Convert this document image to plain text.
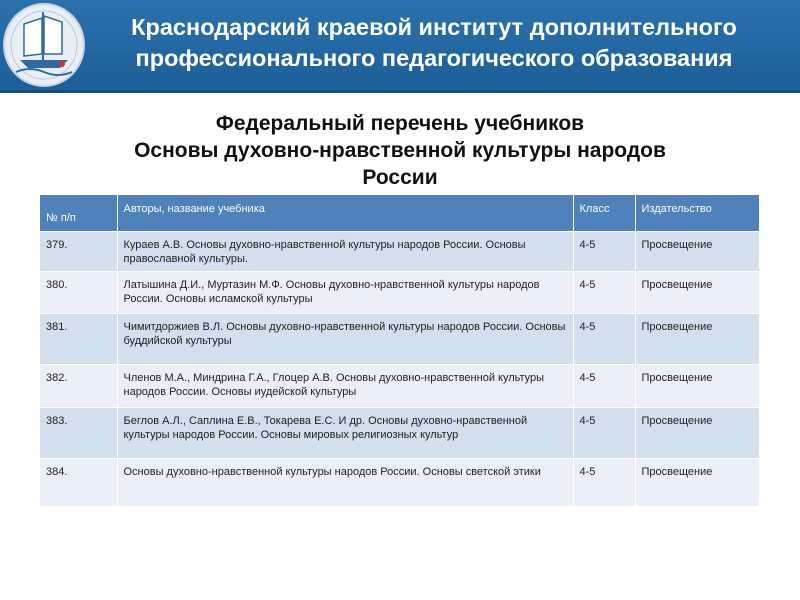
Краснодарский краевой институт дополнительного
профессионального педагогического образования
Федеральный перечень учебников
Основы духовно-нравственной культуры народов
России
№ п/п	Авторы, название учебника	Класс	Издательство
379.	Кураев А.В. Основы духовно-нравственной культуры народов России. Основы православной культуры.	4-5	Просвещение
380.	Латышина Д.И., Муртазин М.Ф. Основы духовно-нравственной культуры народов России. Основы исламской культуры	4-5	Просвещение
381.	Чимитдоржиев В.Л. Основы духовно-нравственной культуры народов России. Основы буддийской культуры	4-5	Просвещение
382.	Членов М.А., Миндрина Г.А., Глоцер А.В. Основы духовно-нравственной культуры народов России. Основы иудейской культуры	4-5	Просвещение
383.	Беглов А.Л., Саплина Е.В., Токарева Е.С. И др. Основы духовно-нравственной культуры народов России. Основы мировых религиозных культур	4-5	Просвещение
384.	Основы духовно-нравственной культуры народов России. Основы светской этики	4-5	Просвещение
